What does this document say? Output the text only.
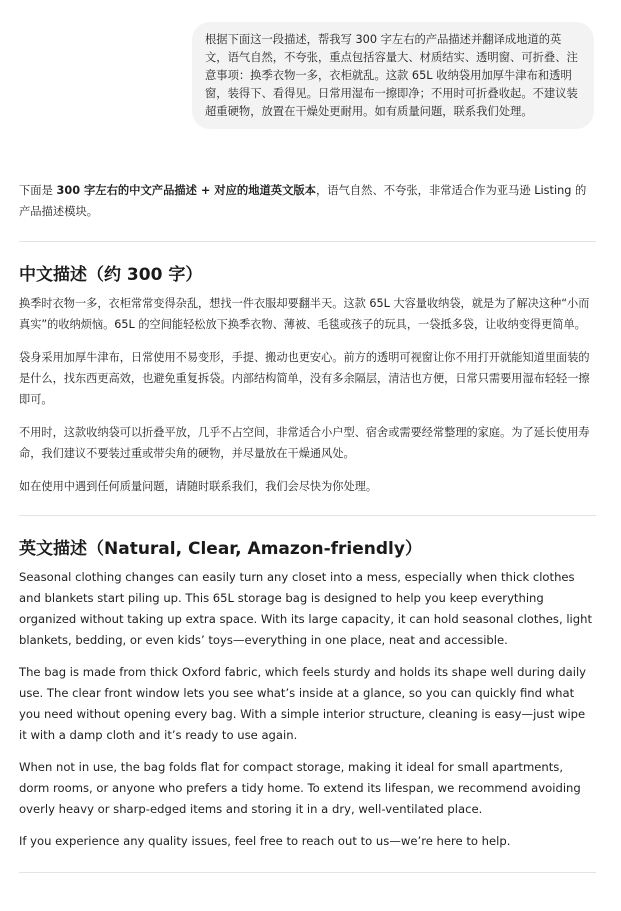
根据下面这一段描述，帮我写 300 字左右的产品描述并翻译成地道的英文，语气自然，不夸张，重点包括容量大、材质结实、透明窗、可折叠、注意事项：换季衣物一多，衣柜就乱。这款 65L 收纳袋用加厚牛津布和透明窗，装得下、看得见。日常用湿布一擦即净；不用时可折叠收起。不建议装超重硬物，放置在干燥处更耐用。如有质量问题，联系我们处理。

下面是 300 字左右的中文产品描述 + 对应的地道英文版本，语气自然、不夸张，非常适合作为亚马逊 Listing 的产品描述模块。

中文描述（约 300 字）

换季时衣物一多，衣柜常常变得杂乱，想找一件衣服却要翻半天。这款 65L 大容量收纳袋，就是为了解决这种“小而真实”的收纳烦恼。65L 的空间能轻松放下换季衣物、薄被、毛毯或孩子的玩具，一袋抵多袋，让收纳变得更简单。

袋身采用加厚牛津布，日常使用不易变形，手提、搬动也更安心。前方的透明可视窗让你不用打开就能知道里面装的是什么，找东西更高效，也避免重复拆袋。内部结构简单，没有多余隔层，清洁也方便，日常只需要用湿布轻轻一擦即可。

不用时，这款收纳袋可以折叠平放，几乎不占空间，非常适合小户型、宿舍或需要经常整理的家庭。为了延长使用寿命，我们建议不要装过重或带尖角的硬物，并尽量放在干燥通风处。

如在使用中遇到任何质量问题，请随时联系我们，我们会尽快为你处理。

英文描述（Natural, Clear, Amazon-friendly）

Seasonal clothing changes can easily turn any closet into a mess, especially when thick clothes and blankets start piling up. This 65L storage bag is designed to help you keep everything organized without taking up extra space. With its large capacity, it can hold seasonal clothes, light blankets, bedding, or even kids’ toys—everything in one place, neat and accessible.

The bag is made from thick Oxford fabric, which feels sturdy and holds its shape well during daily use. The clear front window lets you see what’s inside at a glance, so you can quickly find what you need without opening every bag. With a simple interior structure, cleaning is easy—just wipe it with a damp cloth and it’s ready to use again.

When not in use, the bag folds flat for compact storage, making it ideal for small apartments, dorm rooms, or anyone who prefers a tidy home. To extend its lifespan, we recommend avoiding overly heavy or sharp-edged items and storing it in a dry, well-ventilated place.

If you experience any quality issues, feel free to reach out to us—we’re here to help.
